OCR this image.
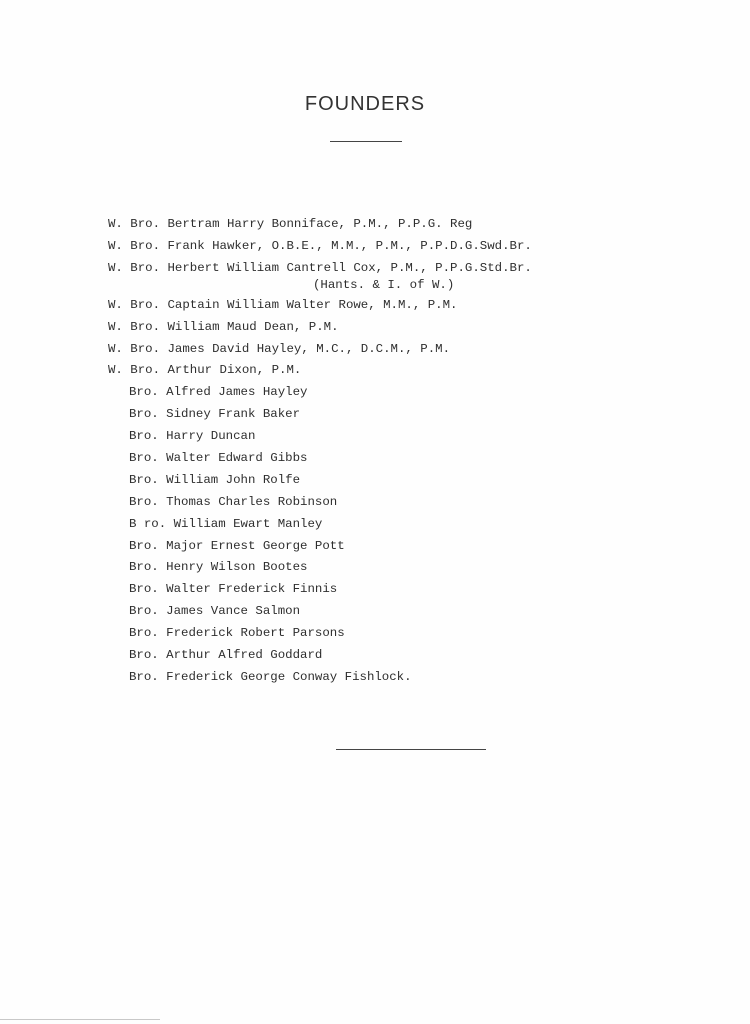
FOUNDERS
W. Bro. Bertram Harry Bonniface, P.M., P.P.G. Reg
W. Bro. Frank Hawker, O.B.E., M.M., P.M., P.P.D.G.Swd.Br.
W. Bro. Herbert William Cantrell Cox, P.M., P.P.G.Std.Br.
(Hants. & I. of W.)
W. Bro. Captain William Walter Rowe, M.M., P.M.
W. Bro. William Maud Dean, P.M.
W. Bro. James David Hayley, M.C., D.C.M., P.M.
W. Bro. Arthur Dixon, P.M.
Bro. Alfred James Hayley
Bro. Sidney Frank Baker
Bro. Harry Duncan
Bro. Walter Edward Gibbs
Bro. William John Rolfe
Bro. Thomas Charles Robinson
B ro. William Ewart Manley
Bro. Major Ernest George Pott
Bro. Henry Wilson Bootes
Bro. Walter Frederick Finnis
Bro. James Vance Salmon
Bro. Frederick Robert Parsons
Bro. Arthur Alfred Goddard
Bro. Frederick George Conway Fishlock.
